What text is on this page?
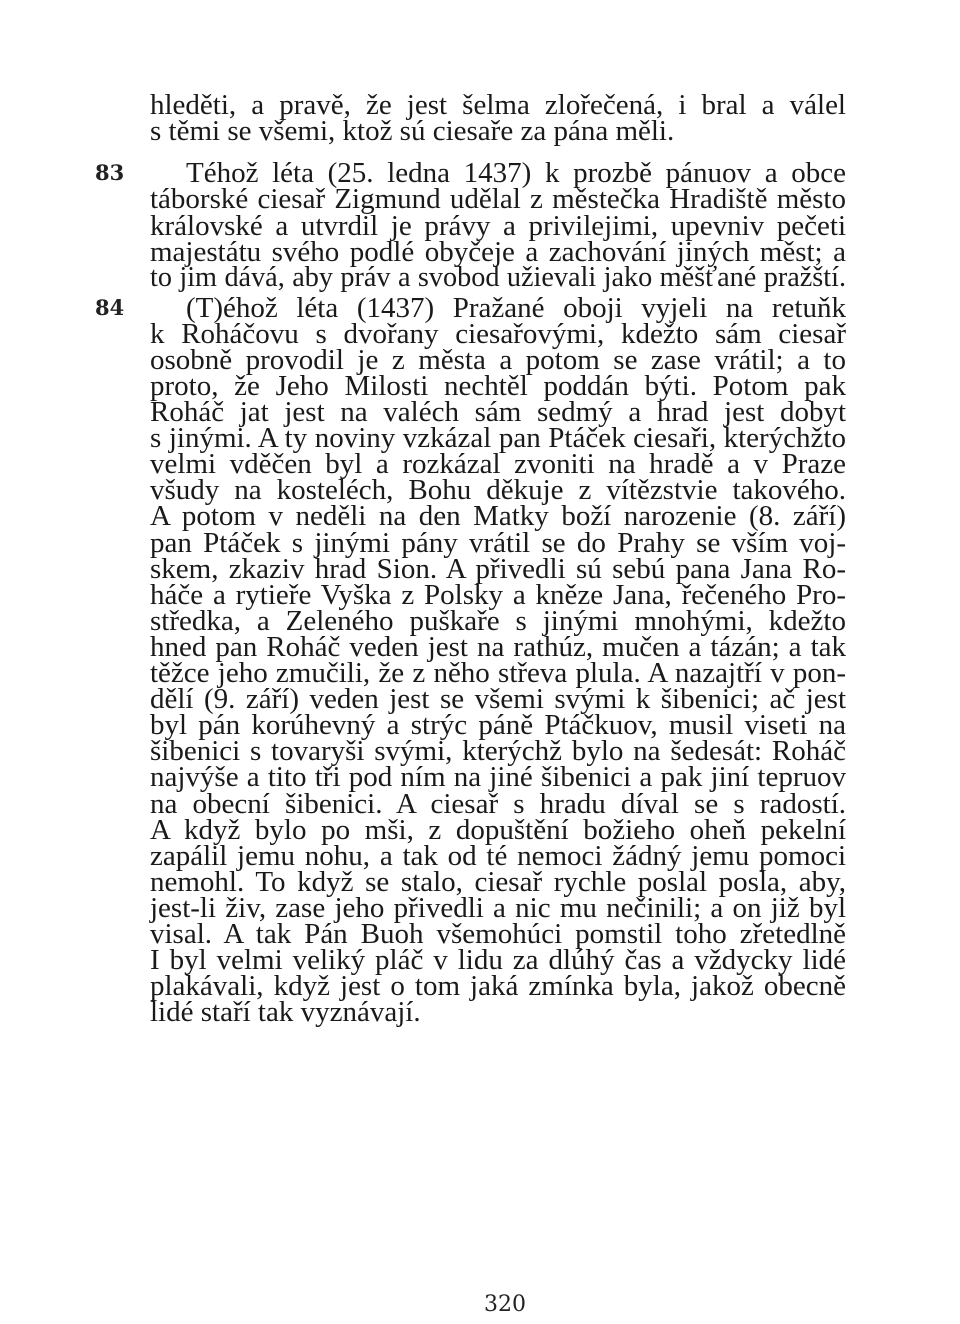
hleděti, a pravě, že jest šelma zlořečená, i bral a válel
s těmi se všemi, ktož sú ciesaře za pána měli.
83 Téhož léta (25. ledna 1437) k prozbě pánuov a obce
táborské ciesař Zigmund udělal z městečka Hradiště město
královské a utvrdil je právy a privilejimi, upevniv pečeti
majestátu svého podlé obyčeje a zachování jiných měst; a
to jim dává, aby práv a svobod užievali jako měšťané pražští.
84 (T)éhož léta (1437) Pražané oboji vyjeli na retuňk
k Roháčovu s dvořany ciesařovými, kdežto sám ciesař
osobně provodil je z města a potom se zase vrátil; a to
proto, že Jeho Milosti nechtěl poddán býti. Potom pak
Roháč jat jest na valéch sám sedmý a hrad jest dobyt
s jinými. A ty noviny vzkázal pan Ptáček ciesaři, kterýchžto
velmi vděčen byl a rozkázal zvoniti na hradě a v Praze
všudy na kosteléch, Bohu děkuje z vítězstvie takového.
A potom v neděli na den Matky boží narozenie (8. září)
pan Ptáček s jinými pány vrátil se do Prahy se vším voj-
skem, zkaziv hrad Sion. A přivedli sú sebú pana Jana Ro-
háče a rytieře Vyška z Polsky a kněze Jana, řečeného Pro-
středka, a Zeleného puškaře s jinými mnohými, kdežto
hned pan Roháč veden jest na rathúz, mučen a tázán; a tak
těžce jeho zmučili, že z něho střeva plula. A nazajtří v pon-
dělí (9. září) veden jest se všemi svými k šibenici; ač jest
byl pán korúhevný a strýc páně Ptáčkuov, musil viseti na
šibenici s tovaryši svými, kterýchž bylo na šedesát: Roháč
najvýše a tito tři pod ním na jiné šibenici a pak jiní tepruov
na obecní šibenici. A ciesař s hradu díval se s radostí.
A když bylo po mši, z dopuštění božieho oheň pekelní
zapálil jemu nohu, a tak od té nemoci žádný jemu pomoci
nemohl. To když se stalo, ciesař rychle poslal posla, aby,
jest-li živ, zase jeho přivedli a nic mu nečinili; a on již byl
visal. A tak Pán Buoh všemohúci pomstil toho zřetedlně
I byl velmi veliký pláč v lidu za dlúhý čas a vždycky lidé
plakávali, když jest o tom jaká zmínka byla, jakož obecně
lidé staří tak vyznávají.
320
